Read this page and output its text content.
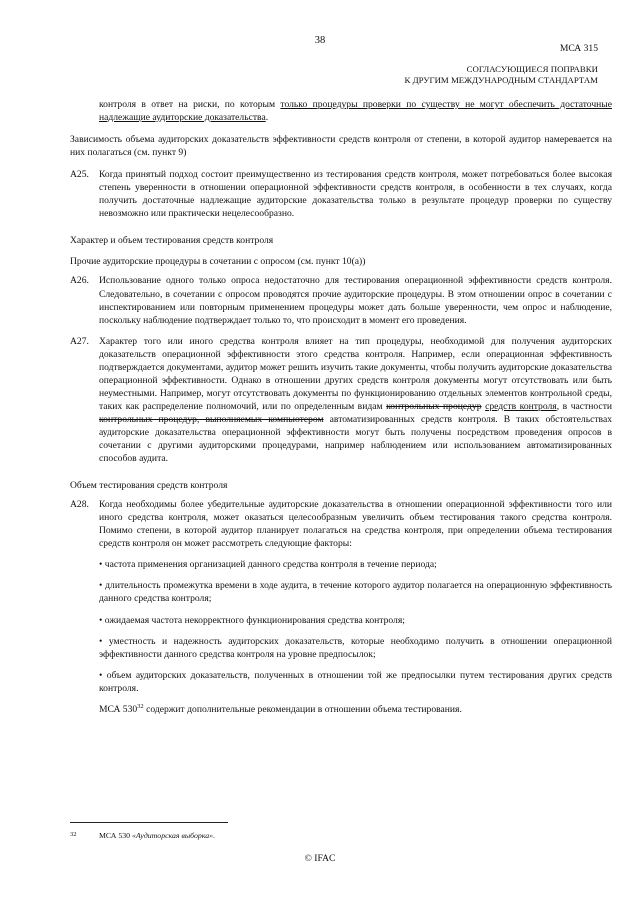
38
МСА 315
СОГЛАСУЮЩИЕСЯ ПОПРАВКИ
К ДРУГИМ МЕЖДУНАРОДНЫМ СТАНДАРТАМ

контроля в ответ на риски, по которым только процедуры проверки по существу не могут обеспечить достаточные надлежащие аудиторские доказательства.

Зависимость объема аудиторских доказательств эффективности средств контроля от степени, в которой аудитор намеревается на них полагаться (см. пункт 9)

A25.	Когда принятый подход состоит преимущественно из тестирования средств контроля, может потребоваться более высокая степень уверенности в отношении операционной эффективности средств контроля, в особенности в тех случаях, когда получить достаточные надлежащие аудиторские доказательства только в результате процедур проверки по существу невозможно или практически нецелесообразно.

Характер и объем тестирования средств контроля

Прочие аудиторские процедуры в сочетании с опросом (см. пункт 10(a))

A26.	Использование одного только опроса недостаточно для тестирования операционной эффективности средств контроля. Следовательно, в сочетании с опросом проводятся прочие аудиторские процедуры. В этом отношении опрос в сочетании с инспектированием или повторным применением процедуры может дать больше уверенности, чем опрос и наблюдение, поскольку наблюдение подтверждает только то, что происходит в момент его проведения.
A27.	Характер того или иного средства контроля влияет на тип процедуры, необходимой для получения аудиторских доказательств операционной эффективности этого средства контроля. Например, если операционная эффективность подтверждается документами, аудитор может решить изучить такие документы, чтобы получить аудиторские доказательства операционной эффективности. Однако в отношении других средств контроля документы могут отсутствовать или быть неуместными. Например, могут отсутствовать документы по функционированию отдельных элементов контрольной среды, таких как распределение полномочий, или по определенным видам контрольных процедур средств контроля, в частности контрольных процедур, выполняемых компьютером автоматизированных средств контроля. В таких обстоятельствах аудиторские доказательства операционной эффективности могут быть получены посредством проведения опросов в сочетании с другими аудиторскими процедурами, например наблюдением или использованием автоматизированных способов аудита.

Объем тестирования средств контроля

A28.	Когда необходимы более убедительные аудиторские доказательства в отношении операционной эффективности того или иного средства контроля, может оказаться целесообразным увеличить объем тестирования такого средства контроля. Помимо степени, в которой аудитор планирует полагаться на средства контроля, при определении объема тестирования средств контроля он может рассмотреть следующие факторы:
• частота применения организацией данного средства контроля в течение периода;
• длительность промежутка времени в ходе аудита, в течение которого аудитор полагается на операционную эффективность данного средства контроля;
• ожидаемая частота некорректного функционирования средства контроля;
• уместность и надежность аудиторских доказательств, которые необходимо получить в отношении операционной эффективности данного средства контроля на уровне предпосылок;
• объем аудиторских доказательств, полученных в отношении той же предпосылки путем тестирования других средств контроля.
МСА $530^{32}$ содержит дополнительные рекомендации в отношении объема тестирования.
$^{32}$	МСА 530 «Аудиторская выборка».
© IFAC
